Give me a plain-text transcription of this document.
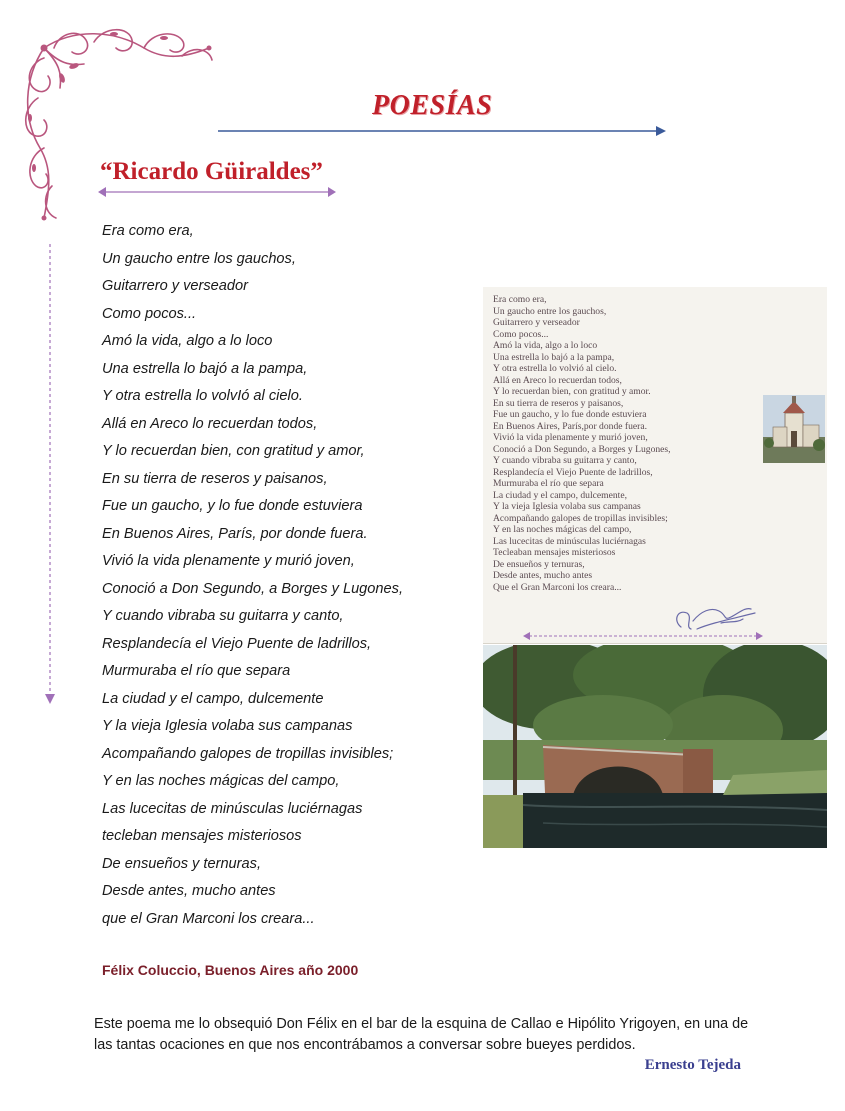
POESÍAS
“Ricardo Güiraldes”
Era como era,
Un gaucho entre los gauchos,
Guitarrero y verseador
Como pocos...
Amó la vida, algo a lo loco
Una estrella lo bajó a la pampa,
Y otra estrella lo volvIó al cielo.
Allá en Areco lo recuerdan todos,
Y lo recuerdan bien, con gratitud y amor,
En su tierra de reseros y paisanos,
Fue un gaucho, y lo fue donde estuviera
En Buenos Aires, París, por donde fuera.
Vivió la vida plenamente y murió joven,
Conoció a Don Segundo, a Borges y Lugones,
Y cuando vibraba su guitarra y canto,
Resplandecía el Viejo Puente de ladrillos,
Murmuraba el río que separa
La ciudad y el campo, dulcemente
Y la vieja Iglesia volaba sus campanas
Acompañando galopes de tropillas invisibles;
Y en las noches mágicas del campo,
Las lucecitas de minúsculas luciérnagas
tecleban mensajes misteriosos
De ensueños y ternuras,
Desde antes, mucho antes
que el Gran Marconi los creara...

Félix Coluccio, Buenos Aires año 2000

Era como era,
Un gaucho entre los gauchos,
Guitarrero y verseador
Como pocos...
Amó la vida, algo a lo loco
Una estrella lo bajó a la pampa,
Y otra estrella lo volvió al cielo.
Allá en Areco lo recuerdan todos,
Y lo recuerdan bien, con gratitud y amor.
En su tierra de reseros y paisanos,
Fue un gaucho, y lo fue donde estuviera
En Buenos Aires, París,por donde fuera.
Vivió la vida plenamente y murió joven,
Conoció a Don Segundo, a Borges y Lugones,
Y cuando vibraba su guitarra y canto,
Resplandecía el Viejo Puente de ladrillos,
Murmuraba el río que separa
La ciudad y el campo, dulcemente,
Y la vieja Iglesia volaba sus campanas
Acompañando galopes de tropillas invisibles;
Y en las noches mágicas del campo,
Las lucecitas de minúsculas luciérnagas
Tecleaban mensajes misteriosos
De ensueños y ternuras,
Desde antes, mucho antes
Que el Gran Marconi los creara...

Este poema me lo obsequió Don Félix en el bar de la esquina de Callao e Hipólito Yrigoyen, en una de las tantas ocaciones en que nos encontrábamos a conversar sobre bueyes perdidos.

Ernesto Tejeda
